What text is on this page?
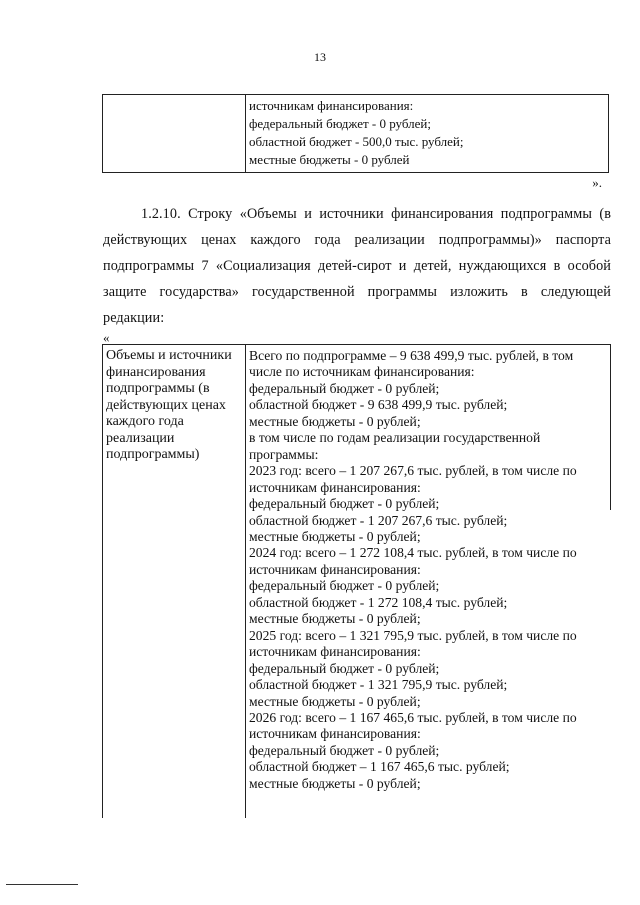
13
источникам финансирования:
федеральный бюджет - 0 рублей;
областной бюджет - 500,0 тыс. рублей;
местные бюджеты - 0 рублей
».
1.2.10. Строку «Объемы и источники финансирования подпрограммы (в действующих ценах каждого года реализации подпрограммы)» паспорта подпрограммы 7 «Социализация детей-сирот и детей, нуждающихся в особой защите государства» государственной программы изложить в следующей редакции:
«
Объемы и источники финансирования подпрограммы (в действующих ценах каждого года реализации подпрограммы)
Всего по подпрограмме – 9 638 499,9 тыс. рублей, в том
числе по источникам финансирования:
федеральный бюджет - 0 рублей;
областной бюджет - 9 638 499,9 тыс. рублей;
местные бюджеты - 0 рублей;
в том числе по годам реализации государственной
программы:
2023 год: всего – 1 207 267,6 тыс. рублей, в том числе по
источникам финансирования:
федеральный бюджет - 0 рублей;
областной бюджет - 1 207 267,6 тыс. рублей;
местные бюджеты - 0 рублей;
2024 год: всего – 1 272 108,4 тыс. рублей, в том числе по
источникам финансирования:
федеральный бюджет - 0 рублей;
областной бюджет - 1 272 108,4 тыс. рублей;
местные бюджеты - 0 рублей;
2025 год: всего – 1 321 795,9 тыс. рублей, в том числе по
источникам финансирования:
федеральный бюджет - 0 рублей;
областной бюджет - 1 321 795,9 тыс. рублей;
местные бюджеты - 0 рублей;
2026 год: всего – 1 167 465,6 тыс. рублей, в том числе по
источникам финансирования:
федеральный бюджет - 0 рублей;
областной бюджет – 1 167 465,6 тыс. рублей;
местные бюджеты - 0 рублей;
